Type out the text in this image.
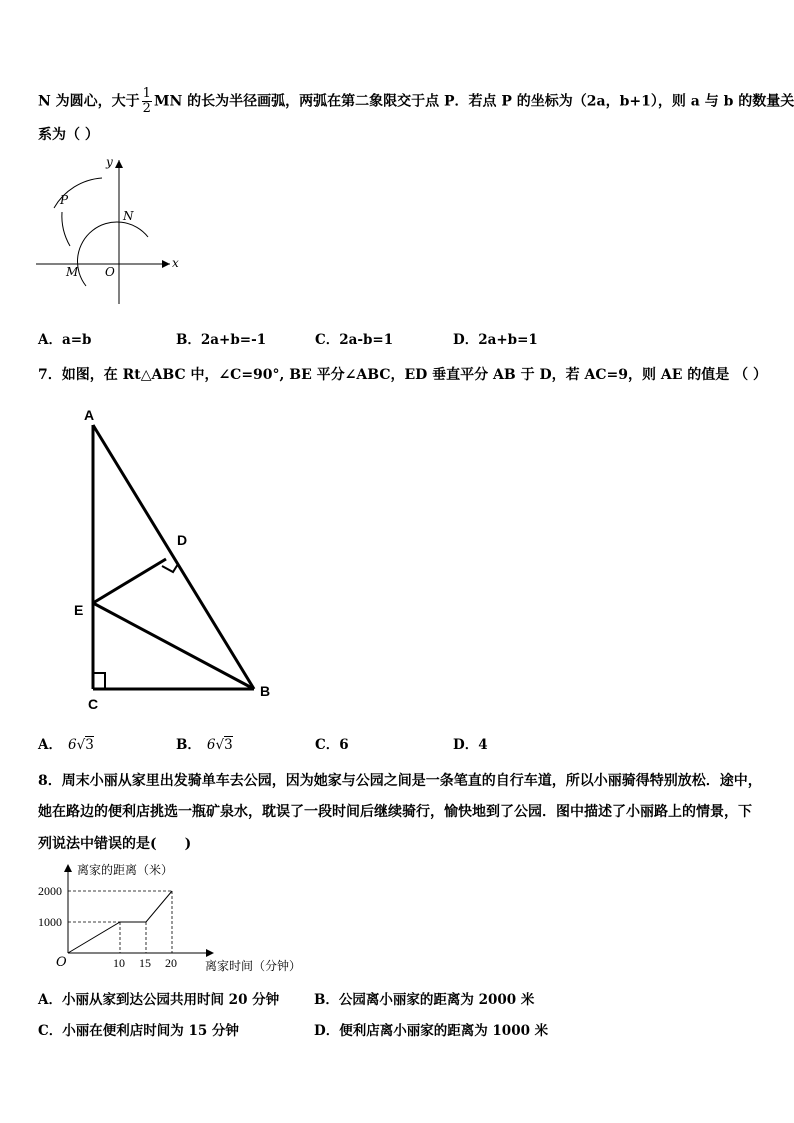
N 为圆心，大于 $\frac{1}{2}$ MN 的长为半径画弧，两弧在第二象限交于点 P．若点 P 的坐标为（2a，b+1），则 a 与 b 的数量关
系为（ ）
x
y
P
N
M O
A．a=b	B．2a+b=-1	C．2a-b=1	D．2a+b=1
7．如图，在 Rt△ABC 中，∠C=90°, BE 平分∠ABC，ED 垂直平分 AB 于 D，若 AC=9，则 AE 的值是 （ ）
A
D
E
B
C
A． 6√3	B． 6√3	C．6	D．4
8．周末小丽从家里出发骑单车去公园，因为她家与公园之间是一条笔直的自行车道，所以小丽骑得特别放松．途中，
她在路边的便利店挑选一瓶矿泉水，耽误了一段时间后继续骑行，愉快地到了公园．图中描述了小丽路上的情景，下
列说法中错误的是(　　)
1000
2000
10 15 20
离家的距离（米）
离家时间（分钟）
O
A．小丽从家到达公园共用时间 20 分钟	B．公园离小丽家的距离为 2000 米
C．小丽在便利店时间为 15 分钟	D．便利店离小丽家的距离为 1000 米
